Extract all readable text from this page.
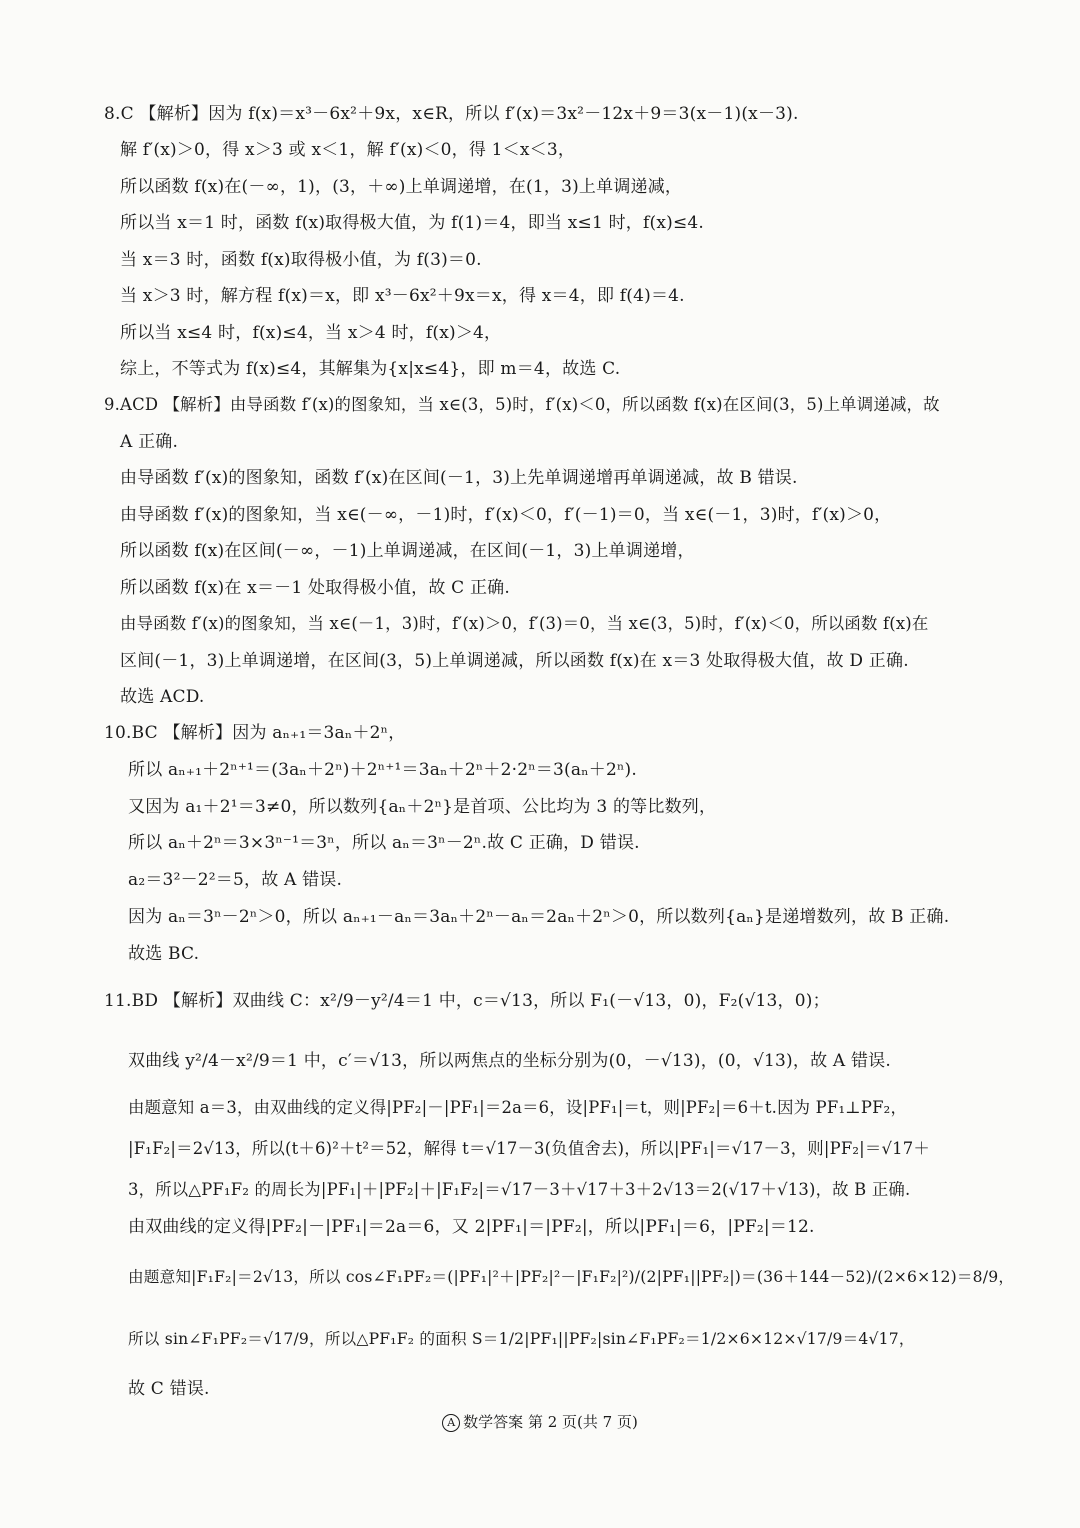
8.C 【解析】因为 f(x)＝x³－6x²＋9x，x∈R，所以 f′(x)＝3x²－12x＋9＝3(x－1)(x－3).
解 f′(x)＞0，得 x＞3 或 x＜1，解 f′(x)＜0，得 1＜x＜3，
所以函数 f(x)在(－∞，1)，(3，＋∞)上单调递增，在(1，3)上单调递减，
所以当 x＝1 时，函数 f(x)取得极大值，为 f(1)＝4，即当 x≤1 时，f(x)≤4.
当 x＝3 时，函数 f(x)取得极小值，为 f(3)＝0.
当 x＞3 时，解方程 f(x)＝x，即 x³－6x²＋9x＝x，得 x＝4，即 f(4)＝4.
所以当 x≤4 时，f(x)≤4，当 x＞4 时，f(x)＞4，
综上，不等式为 f(x)≤4，其解集为{x|x≤4}，即 m＝4，故选 C.
9.ACD 【解析】由导函数 f′(x)的图象知，当 x∈(3，5)时，f′(x)＜0，所以函数 f(x)在区间(3，5)上单调递减，故
A 正确.
由导函数 f′(x)的图象知，函数 f′(x)在区间(－1，3)上先单调递增再单调递减，故 B 错误.
由导函数 f′(x)的图象知，当 x∈(－∞，－1)时，f′(x)＜0，f′(－1)＝0，当 x∈(－1，3)时，f′(x)＞0，
所以函数 f(x)在区间(－∞，－1)上单调递减，在区间(－1，3)上单调递增，
所以函数 f(x)在 x＝－1 处取得极小值，故 C 正确.
由导函数 f′(x)的图象知，当 x∈(－1，3)时，f′(x)＞0，f′(3)＝0，当 x∈(3，5)时，f′(x)＜0，所以函数 f(x)在
区间(－1，3)上单调递增，在区间(3，5)上单调递减，所以函数 f(x)在 x＝3 处取得极大值，故 D 正确.
故选 ACD.
10.BC 【解析】因为 aₙ₊₁＝3aₙ＋2ⁿ，
所以 aₙ₊₁＋2ⁿ⁺¹＝(3aₙ＋2ⁿ)＋2ⁿ⁺¹＝3aₙ＋2ⁿ＋2·2ⁿ＝3(aₙ＋2ⁿ).
又因为 a₁＋2¹＝3≠0，所以数列{aₙ＋2ⁿ}是首项、公比均为 3 的等比数列，
所以 aₙ＋2ⁿ＝3×3ⁿ⁻¹＝3ⁿ，所以 aₙ＝3ⁿ－2ⁿ.故 C 正确，D 错误.
a₂＝3²－2²＝5，故 A 错误.
因为 aₙ＝3ⁿ－2ⁿ＞0，所以 aₙ₊₁－aₙ＝3aₙ＋2ⁿ－aₙ＝2aₙ＋2ⁿ＞0，所以数列{aₙ}是递增数列，故 B 正确.
故选 BC.
11.BD 【解析】双曲线 C：x²/9－y²/4＝1 中，c＝√13，所以 F₁(－√13，0)，F₂(√13，0)；
双曲线 y²/4－x²/9＝1 中，c′＝√13，所以两焦点的坐标分别为(0，－√13)，(0，√13)，故 A 错误.
由题意知 a＝3，由双曲线的定义得|PF₂|－|PF₁|＝2a＝6，设|PF₁|＝t，则|PF₂|＝6＋t.因为 PF₁⊥PF₂，
|F₁F₂|＝2√13，所以(t＋6)²＋t²＝52，解得 t＝√17－3(负值舍去)，所以|PF₁|＝√17－3，则|PF₂|＝√17＋
3，所以△PF₁F₂ 的周长为|PF₁|＋|PF₂|＋|F₁F₂|＝√17－3＋√17＋3＋2√13＝2(√17＋√13)，故 B 正确.
由双曲线的定义得|PF₂|－|PF₁|＝2a＝6，又 2|PF₁|＝|PF₂|，所以|PF₁|＝6，|PF₂|＝12.
由题意知|F₁F₂|＝2√13，所以 cos∠F₁PF₂＝(|PF₁|²＋|PF₂|²－|F₁F₂|²)/(2|PF₁||PF₂|)＝(36＋144－52)/(2×6×12)＝8/9，
所以 sin∠F₁PF₂＝√17/9，所以△PF₁F₂ 的面积 S＝1/2|PF₁||PF₂|sin∠F₁PF₂＝1/2×6×12×√17/9＝4√17，
故 C 错误.
A 数学答案 第 2 页(共 7 页)
